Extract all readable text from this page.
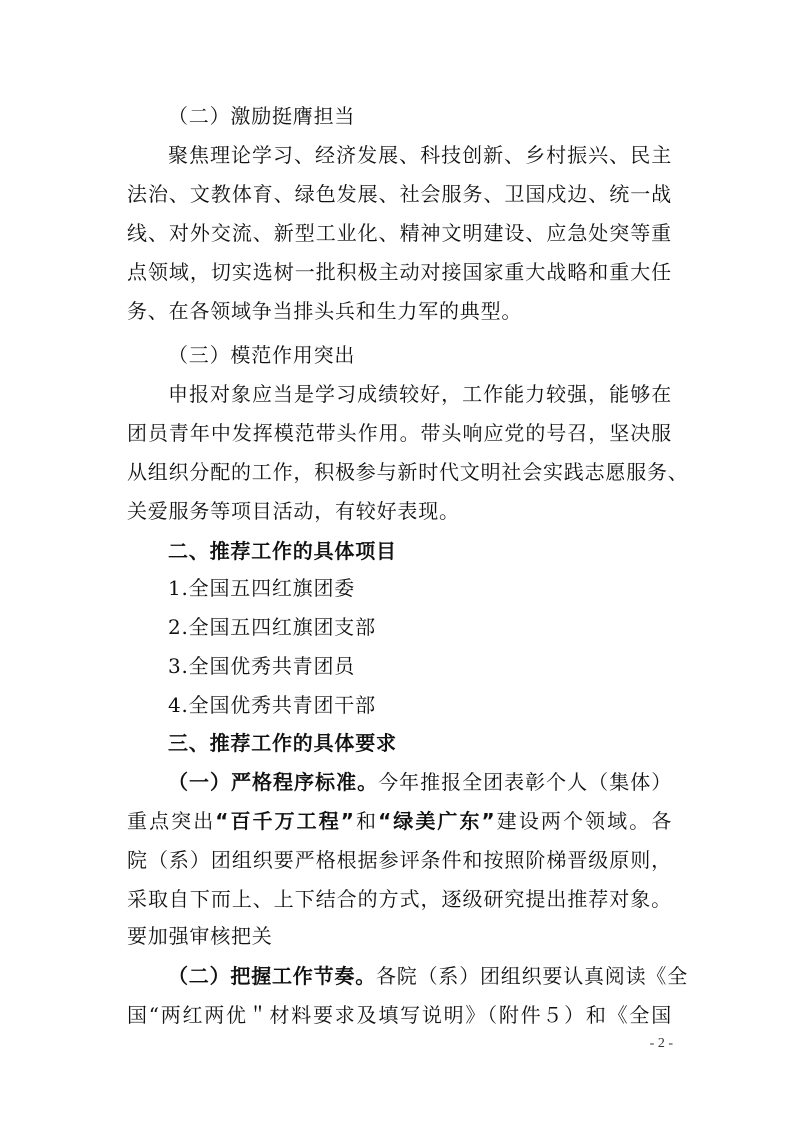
（二）激励挺膺担当
聚焦理论学习、经济发展、科技创新、乡村振兴、民主
法治、文教体育、绿色发展、社会服务、卫国戍边、统一战
线、对外交流、新型工业化、精神文明建设、应急处突等重
点领域，切实选树一批积极主动对接国家重大战略和重大任
务、在各领域争当排头兵和生力军的典型。
（三）模范作用突出
申报对象应当是学习成绩较好，工作能力较强，能够在
团员青年中发挥模范带头作用。带头响应党的号召，坚决服
从组织分配的工作，积极参与新时代文明社会实践志愿服务、
关爱服务等项目活动，有较好表现。
二、推荐工作的具体项目
1.全国五四红旗团委
2.全国五四红旗团支部
3.全国优秀共青团员
4.全国优秀共青团干部
三、推荐工作的具体要求
（一）严格程序标准。今年推报全团表彰个人（集体）
重点突出“百千万工程”和“绿美广东”建设两个领域。各
院（系）团组织要严格根据参评条件和按照阶梯晋级原则，
采取自下而上、上下结合的方式，逐级研究提出推荐对象。
要加强审核把关
（二）把握工作节奏。各院（系）团组织要认真阅读《全
国“两红两优＂材料要求及填写说明》（附件５）和《全国
- 2 -
